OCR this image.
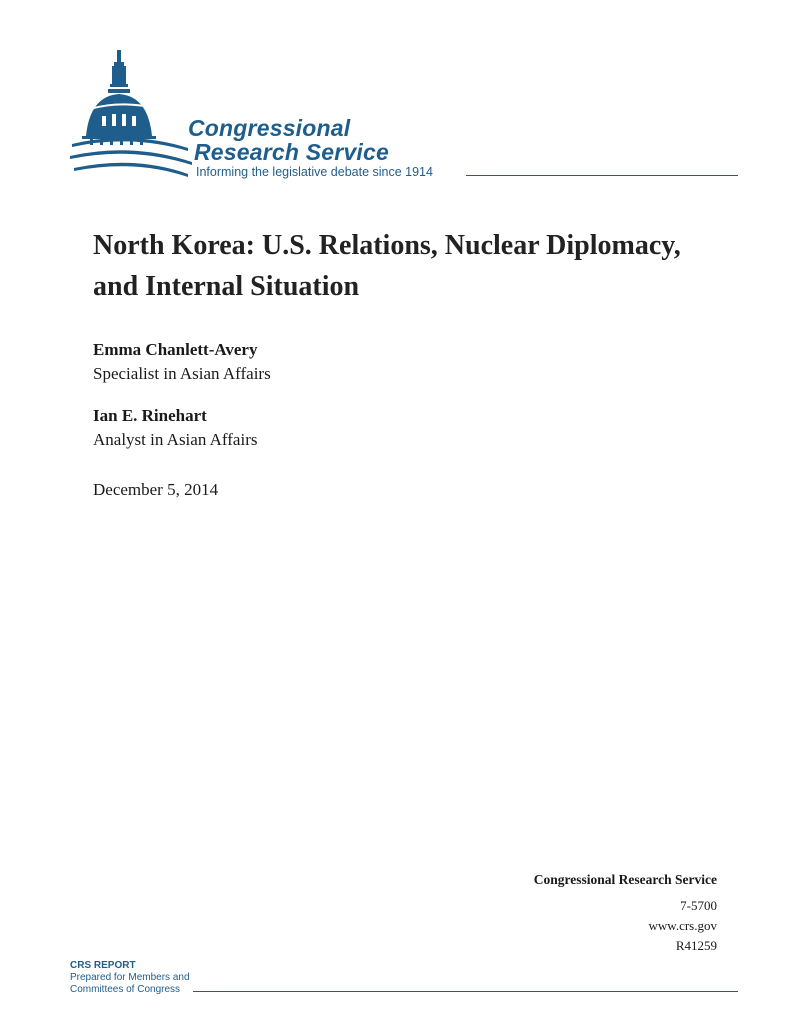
Congressional
Research Service
Informing the legislative debate since 1914
North Korea: U.S. Relations, Nuclear Diplomacy, and Internal Situation
Emma Chanlett-Avery
Specialist in Asian Affairs
Ian E. Rinehart
Analyst in Asian Affairs
December 5, 2014
Congressional Research Service
7-5700
www.crs.gov
R41259
CRS REPORT
Prepared for Members and
Committees of Congress
